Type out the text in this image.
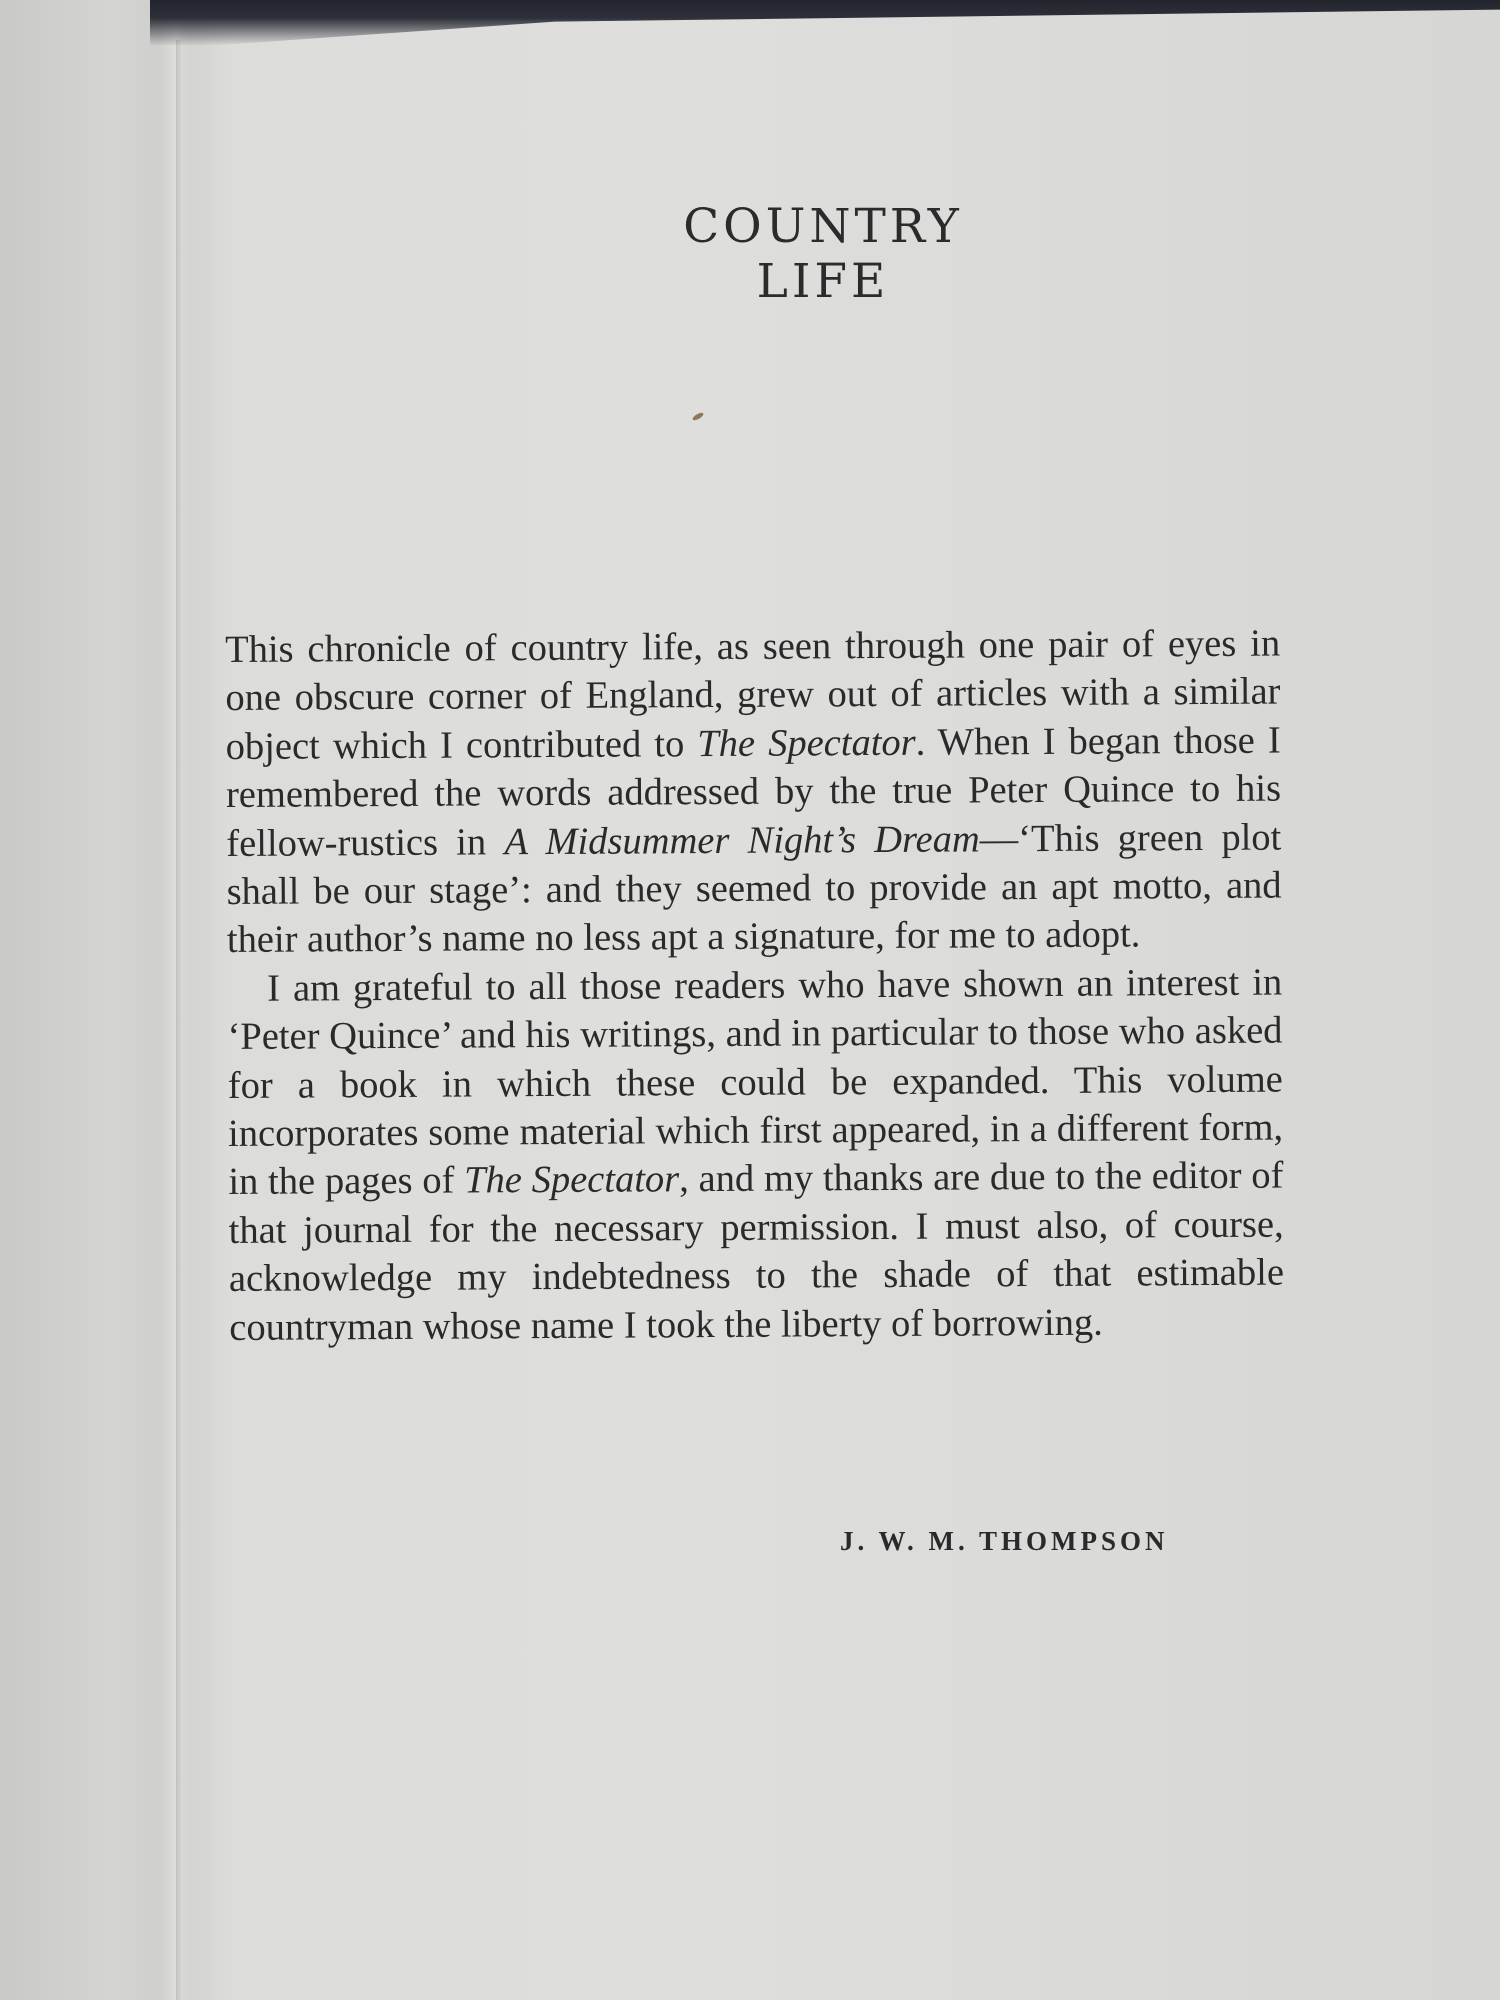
COUNTRY
LIFE

This chronicle of country life, as seen through one pair of eyes in one obscure corner of England, grew out of articles with a similar object which I contributed to The Spectator. When I began those I remembered the words addressed by the true Peter Quince to his fellow-rustics in A Midsummer Night’s Dream—‘This green plot shall be our stage’: and they seemed to provide an apt motto, and their author’s name no less apt a signature, for me to adopt.

I am grateful to all those readers who have shown an interest in ‘Peter Quince’ and his writings, and in particular to those who asked for a book in which these could be expanded. This volume incorporates some material which first appeared, in a different form, in the pages of The Spectator, and my thanks are due to the editor of that journal for the necessary permission. I must also, of course, acknowledge my indebtedness to the shade of that estimable countryman whose name I took the liberty of borrowing.

J. W. M. THOMPSON
